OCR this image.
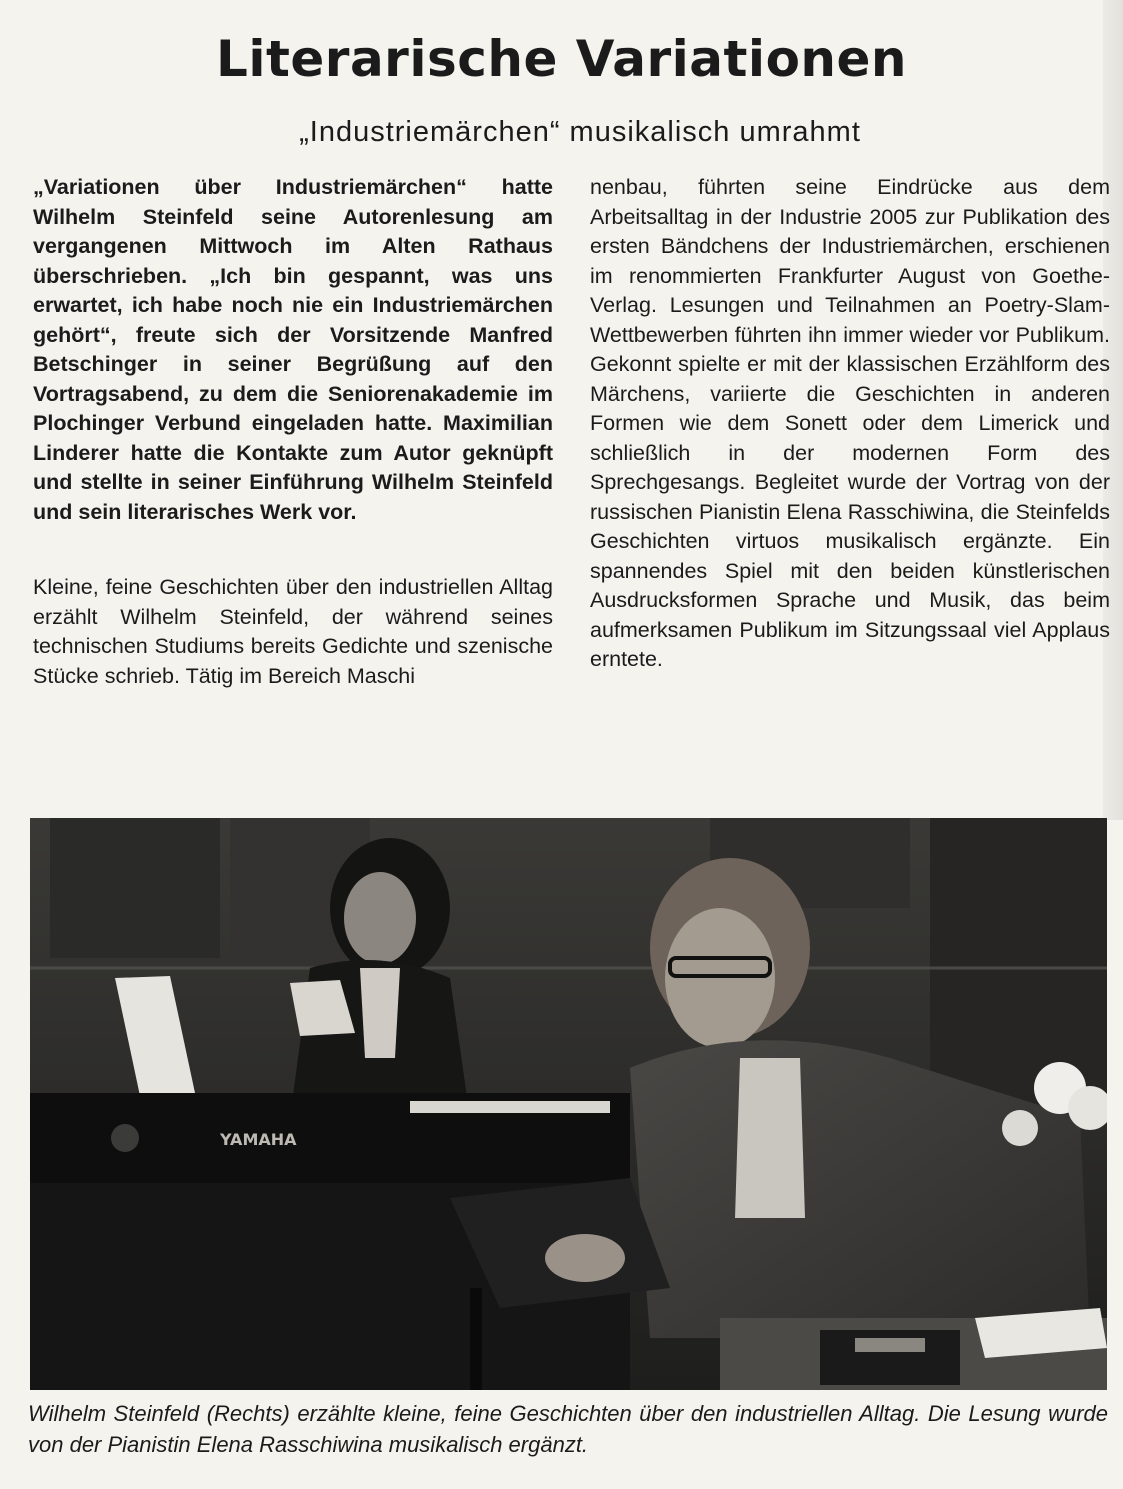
Literarische Variationen
„Industriemärchen“ musikalisch umrahmt

„Variationen über Industriemärchen“ hatte Wilhelm Steinfeld seine Autorenlesung am vergangenen Mittwoch im Alten Rathaus überschrieben. „Ich bin gespannt, was uns erwartet, ich habe noch nie ein Industriemärchen gehört“, freute sich der Vorsitzende Manfred Betschinger in seiner Begrüßung auf den Vortragsabend, zu dem die Seniorenakademie im Plochinger Verbund eingeladen hatte. Maximilian Linderer hatte die Kontakte zum Autor geknüpft und stellte in seiner Einführung Wilhelm Steinfeld und sein literarisches Werk vor.

Kleine, feine Geschichten über den industriellen Alltag erzählt Wilhelm Steinfeld, der während seines technischen Studiums bereits Gedichte und szenische Stücke schrieb. Tätig im Bereich Maschi

nenbau, führten seine Eindrücke aus dem Arbeitsalltag in der Industrie 2005 zur Publikation des ersten Bändchens der Industriemärchen, erschienen im renommierten Frankfurter August von Goethe-Verlag. Lesungen und Teilnahmen an Poetry-Slam-Wettbewerben führten ihn immer wieder vor Publikum. Gekonnt spielte er mit der klassischen Erzählform des Märchens, variierte die Geschichten in anderen Formen wie dem Sonett oder dem Limerick und schließlich in der modernen Form des Sprechgesangs. Begleitet wurde der Vortrag von der russischen Pianistin Elena Rasschiwina, die Steinfelds Geschichten virtuos musikalisch ergänzte. Ein spannendes Spiel mit den beiden künstlerischen Ausdrucksformen Sprache und Musik, das beim aufmerksamen Publikum im Sitzungssaal viel Applaus erntete.

YAMAHA

Wilhelm Steinfeld (Rechts) erzählte kleine, feine Geschichten über den industriellen Alltag. Die Lesung wurde von der Pianistin Elena Rasschiwina musikalisch ergänzt.
